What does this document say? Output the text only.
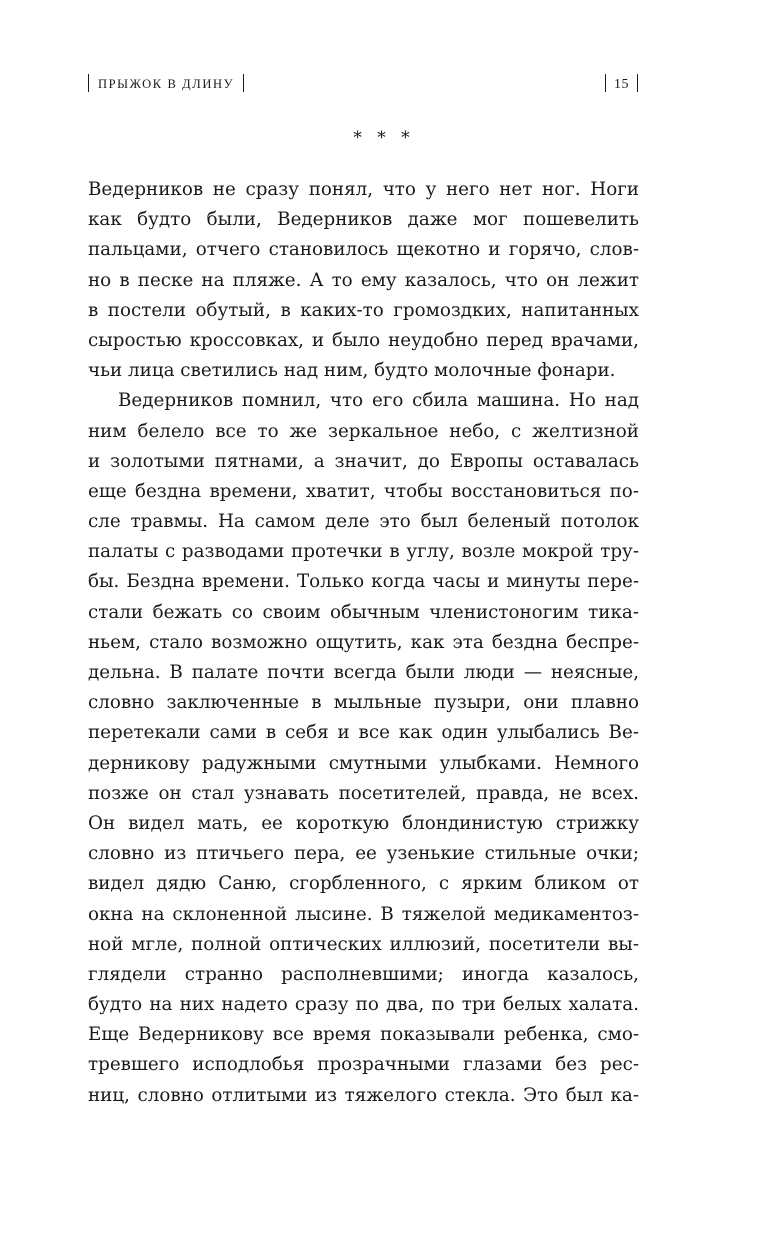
ПРЫЖОК В ДЛИНУ	15
* * *
Ведерников не сразу понял, что у него нет ног. Ноги
как будто были, Ведерников даже мог пошевелить
пальцами, отчего становилось щекотно и горячо, слов-
но в песке на пляже. А то ему казалось, что он лежит
в постели обутый, в каких-то громоздких, напитанных
сыростью кроссовках, и было неудобно перед врачами,
чьи лица светились над ним, будто молочные фонари.
Ведерников помнил, что его сбила машина. Но над
ним белело все то же зеркальное небо, с желтизной
и золотыми пятнами, а значит, до Европы оставалась
еще бездна времени, хватит, чтобы восстановиться по-
сле травмы. На самом деле это был беленый потолок
палаты с разводами протечки в углу, возле мокрой тру-
бы. Бездна времени. Только когда часы и минуты пере-
стали бежать со своим обычным членистоногим тика-
ньем, стало возможно ощутить, как эта бездна беспре-
дельна. В палате почти всегда были люди — неясные,
словно заключенные в мыльные пузыри, они плавно
перетекали сами в себя и все как один улыбались Ве-
дерникову радужными смутными улыбками. Немного
позже он стал узнавать посетителей, правда, не всех.
Он видел мать, ее короткую блондинистую стрижку
словно из птичьего пера, ее узенькие стильные очки;
видел дядю Саню, сгорбленного, с ярким бликом от
окна на склоненной лысине. В тяжелой медикаментоз-
ной мгле, полной оптических иллюзий, посетители вы-
глядели странно располневшими; иногда казалось,
будто на них надето сразу по два, по три белых халата.
Еще Ведерникову все время показывали ребенка, смо-
тревшего исподлобья прозрачными глазами без рес-
ниц, словно отлитыми из тяжелого стекла. Это был ка-
